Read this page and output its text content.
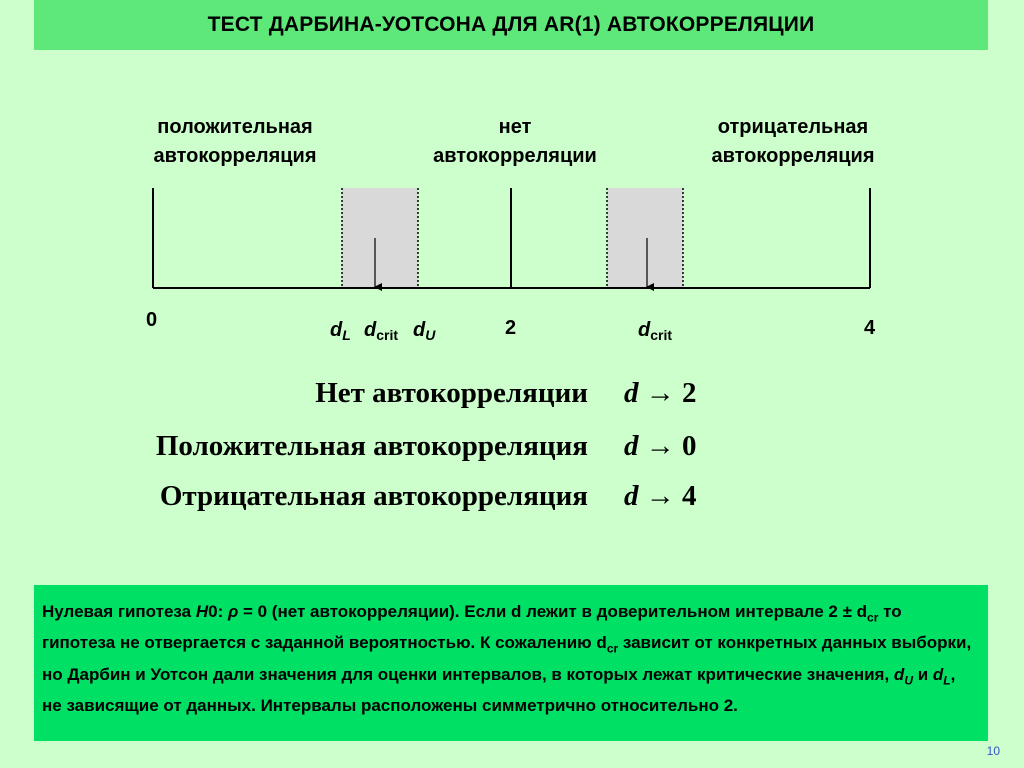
ТЕСТ ДАРБИНА-УОТСОНА ДЛЯ AR(1) АВТОКОРРЕЛЯЦИИ
положительная
автокорреляция
нет
автокорреляции
отрицательная
автокорреляция
0	$d_L$ $d_{crit}$ $d_U$	2	$d_{crit}$	4
Нет автокорреляции d → 2
Положительная автокорреляция d → 0
Отрицательная автокорреляция d → 4
Нулевая гипотеза H0: ρ = 0 (нет автокорреляции). Если d лежит в доверительном интервале $2 \pm d_{cr}$ то гипотеза не отвергается с заданной вероятностью. К сожалению $d_{cr}$ зависит от конкретных данных выборки, но Дарбин и Уотсон дали значения для оценки интервалов, в которых лежат критические значения, $d_U$ и $d_L$, не зависящие от данных. Интервалы расположены симметрично относительно 2.
10
